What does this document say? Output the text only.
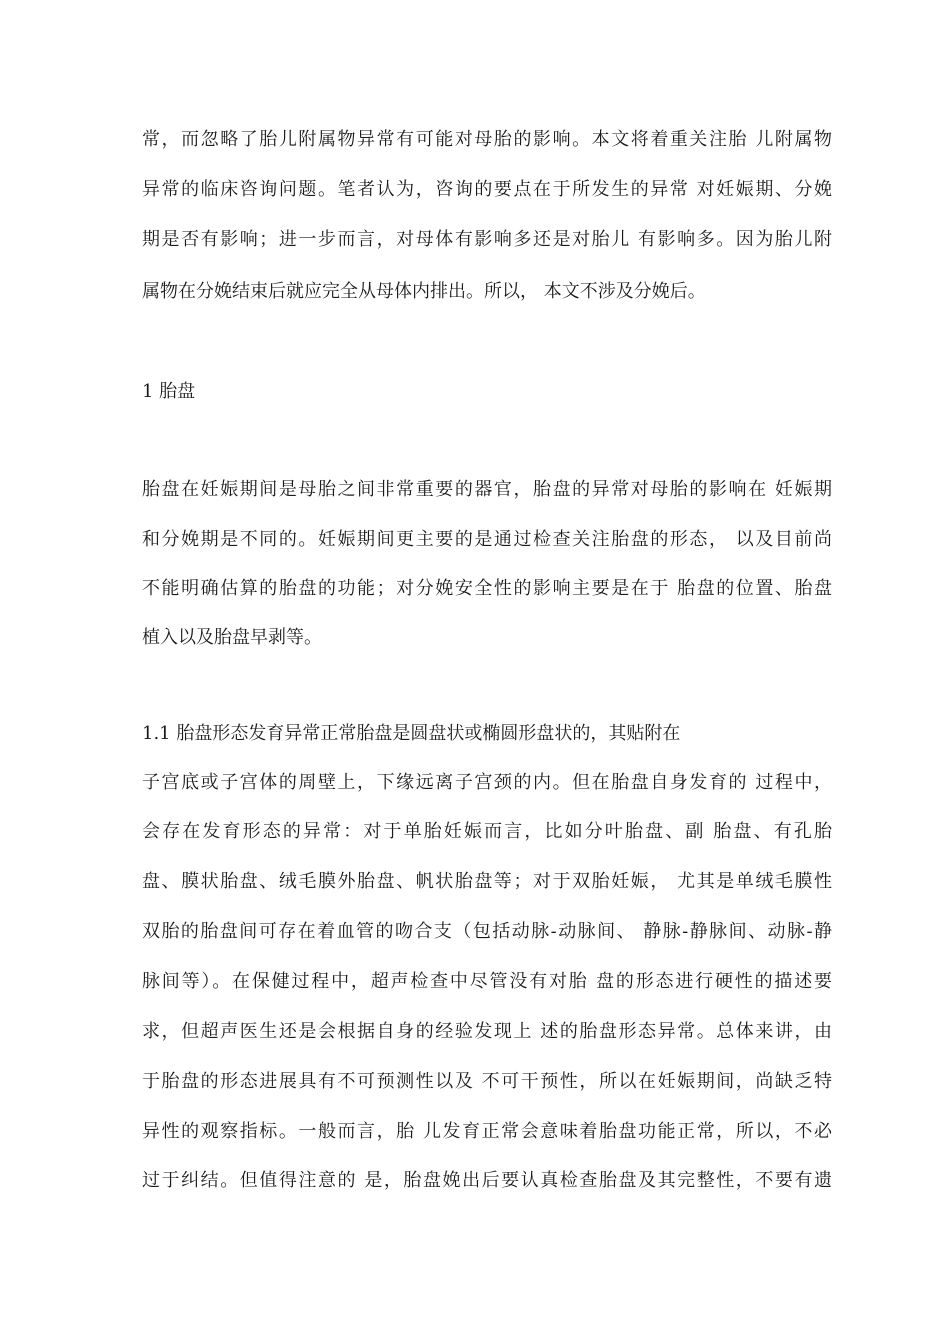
常，而忽略了胎儿附属物异常有可能对母胎的影响。本文将着重关注胎 儿附属物
异常的临床咨询问题。笔者认为，咨询的要点在于所发生的异常 对妊娠期、分娩
期是否有影响；进一步而言，对母体有影响多还是对胎儿 有影响多。因为胎儿附
属物在分娩结束后就应完全从母体内排出。所以， 本文不涉及分娩后。
1 胎盘
胎盘在妊娠期间是母胎之间非常重要的器官，胎盘的异常对母胎的影响在 妊娠期
和分娩期是不同的。妊娠期间更主要的是通过检查关注胎盘的形态， 以及目前尚
不能明确估算的胎盘的功能；对分娩安全性的影响主要是在于 胎盘的位置、胎盘
植入以及胎盘早剥等。
1.1 胎盘形态发育异常正常胎盘是圆盘状或椭圆形盘状的，其贴附在
子宫底或子宫体的周壁上，下缘远离子宫颈的内。但在胎盘自身发育的 过程中，
会存在发育形态的异常：对于单胎妊娠而言，比如分叶胎盘、副 胎盘、有孔胎
盘、膜状胎盘、绒毛膜外胎盘、帆状胎盘等；对于双胎妊娠， 尤其是单绒毛膜性
双胎的胎盘间可存在着血管的吻合支（包括动脉-动脉间、 静脉-静脉间、动脉-静
脉间等）。在保健过程中，超声检查中尽管没有对胎 盘的形态进行硬性的描述要
求，但超声医生还是会根据自身的经验发现上 述的胎盘形态异常。总体来讲，由
于胎盘的形态进展具有不可预测性以及 不可干预性，所以在妊娠期间，尚缺乏特
异性的观察指标。一般而言，胎 儿发育正常会意味着胎盘功能正常，所以，不必
过于纠结。但值得注意的 是，胎盘娩出后要认真检查胎盘及其完整性，不要有遗
